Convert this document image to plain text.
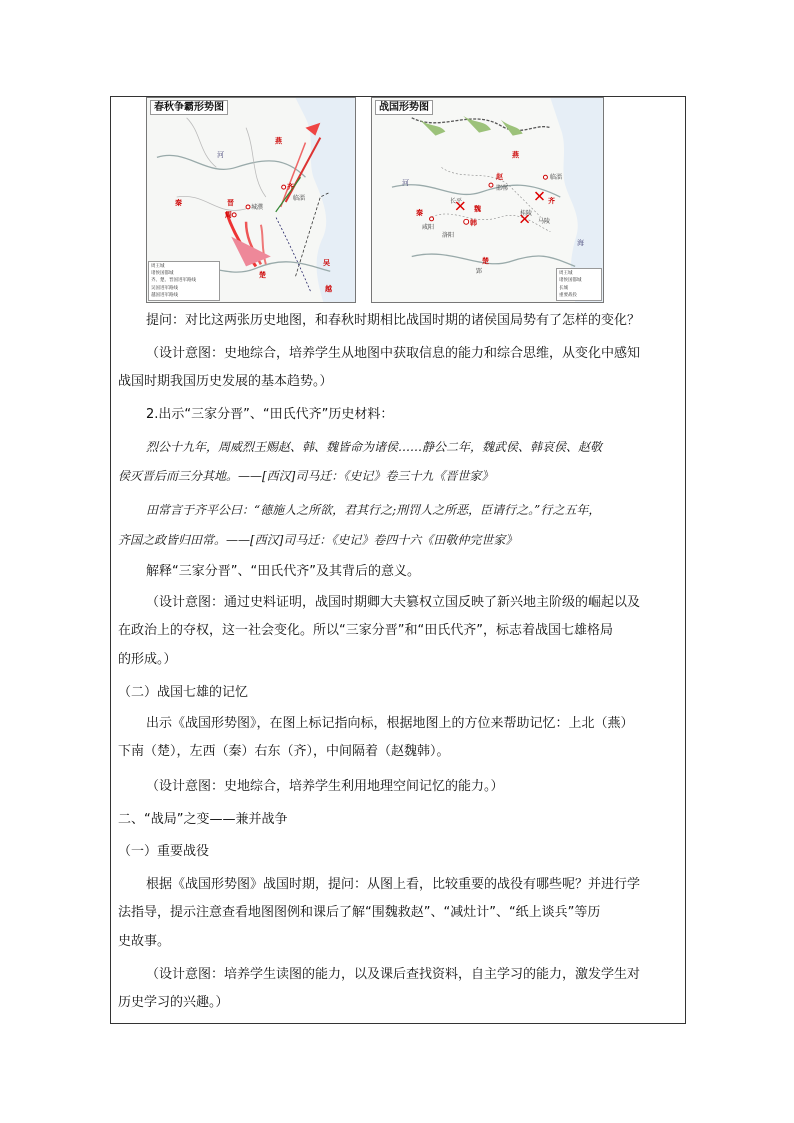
春秋争霸形势图
燕
晋
秦
齐
楚
吴
越
周
临淄
城濮
河
周王城
诸侯国都城
齐、楚、晋国进军路线
吴国进军路线
越国进军路线
战国形势图
燕
赵
秦	魏
韩
齐
楚
长平
邯郸
临淄
桂陵
马陵
洛阳
咸阳
郢
河
海
周王城
诸侯国都城
长城
重要战役
提问：对比这两张历史地图，和春秋时期相比战国时期的诸侯国局势有了怎样的变化？
（设计意图：史地综合，培养学生从地图中获取信息的能力和综合思维，从变化中感知
战国时期我国历史发展的基本趋势。）
2.出示“三家分晋”、“田氏代齐”历史材料：
烈公十九年，周威烈王赐赵、韩、魏皆命为诸侯……静公二年，魏武侯、韩哀侯、赵敬
侯灭晋后而三分其地。——[西汉]司马迁：《史记》卷三十九《晋世家》
田常言于齐平公曰：“德施人之所欲，君其行之;刑罚人之所恶，臣请行之。”行之五年，
齐国之政皆归田常。——[西汉]司马迁：《史记》卷四十六《田敬仲完世家》
解释“三家分晋”、“田氏代齐”及其背后的意义。
（设计意图：通过史料证明，战国时期卿大夫篡权立国反映了新兴地主阶级的崛起以及
在政治上的夺权，这一社会变化。所以“三家分晋”和“田氏代齐”，标志着战国七雄格局
的形成。）
（二）战国七雄的记忆
出示《战国形势图》，在图上标记指向标，根据地图上的方位来帮助记忆：上北（燕）
下南（楚），左西（秦）右东（齐），中间隔着（赵魏韩）。
（设计意图：史地综合，培养学生利用地理空间记忆的能力。）
二、“战局”之变——兼并战争
（一）重要战役
根据《战国形势图》战国时期，提问：从图上看，比较重要的战役有哪些呢？并进行学
法指导，提示注意查看地图图例和课后了解“围魏救赵”、“减灶计”、“纸上谈兵”等历
史故事。
（设计意图：培养学生读图的能力，以及课后查找资料，自主学习的能力，激发学生对
历史学习的兴趣。）
